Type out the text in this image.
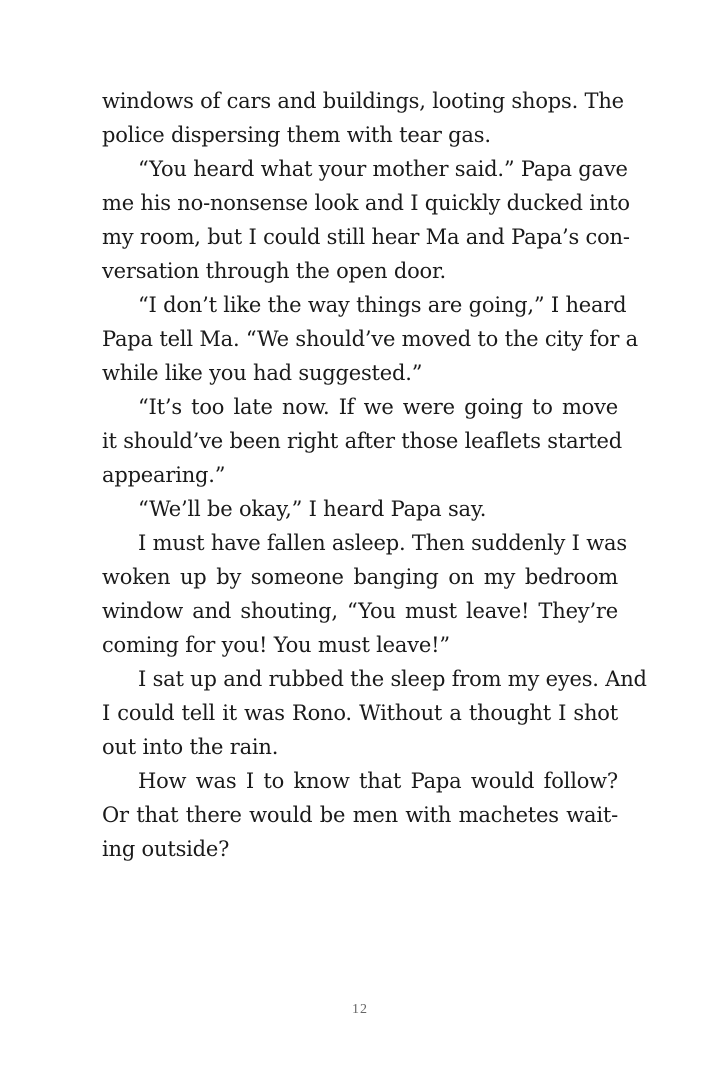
windows of cars and buildings, looting shops. The
police dispersing them with tear gas.
“You heard what your mother said.” Papa gave
me his no-nonsense look and I quickly ducked into
my room, but I could still hear Ma and Papa’s con-
versation through the open door.
“I don’t like the way things are going,” I heard
Papa tell Ma. “We should’ve moved to the city for a
while like you had suggested.”
“It’s too late now. If we were going to move
it should’ve been right after those leaflets started
appearing.”
“We’ll be okay,” I heard Papa say.
I must have fallen asleep. Then suddenly I was
woken up by someone banging on my bedroom
window and shouting, “You must leave! They’re
coming for you! You must leave!”
I sat up and rubbed the sleep from my eyes. And
I could tell it was Rono. Without a thought I shot
out into the rain.
How was I to know that Papa would follow?
Or that there would be men with machetes wait-
ing outside?
12
